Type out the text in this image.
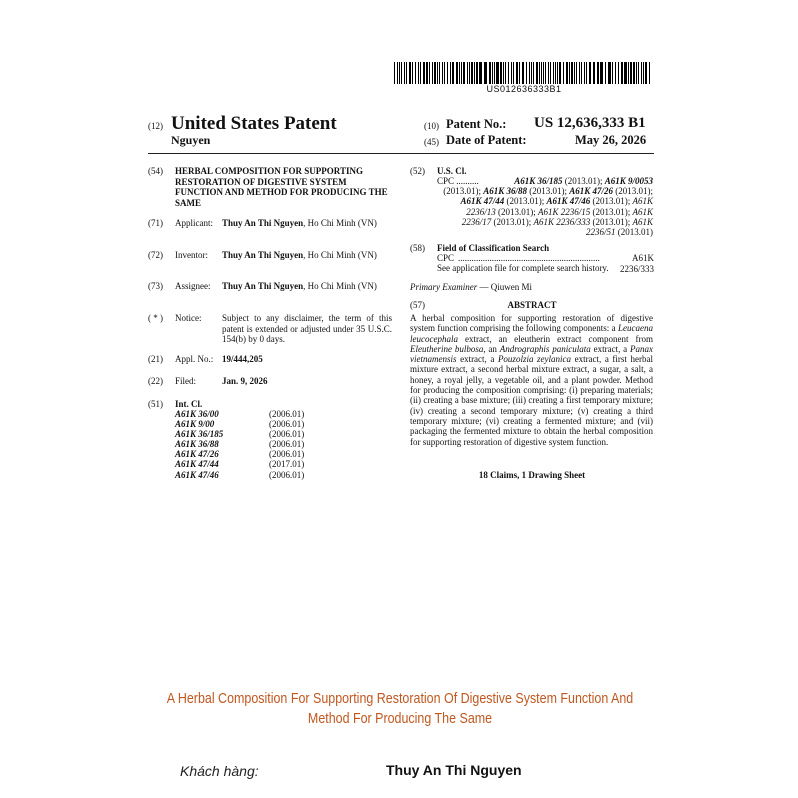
US012636333B1
(12) United States Patent
Nguyen
(10) Patent No.: US 12,636,333 B1
(45) Date of Patent:	May 26, 2026
(54) HERBAL COMPOSITION FOR SUPPORTING RESTORATION OF DIGESTIVE SYSTEM FUNCTION AND METHOD FOR PRODUCING THE SAME
(71) Applicant: Thuy An Thi Nguyen, Ho Chi Minh (VN)
(72) Inventor: Thuy An Thi Nguyen, Ho Chi Minh (VN)
(73) Assignee: Thuy An Thi Nguyen, Ho Chi Minh (VN)
( * ) Notice: Subject to any disclaimer, the term of this patent is extended or adjusted under 35 U.S.C. 154(b) by 0 days.
(21) Appl. No.: 19/444,205
(22) Filed:	Jan. 9, 2026
(51) Int. Cl.
A61K 36/00	(2006.01)
A61K 9/00	(2006.01)
A61K 36/185	(2006.01)
A61K 36/88	(2006.01)
A61K 47/26	(2006.01)
A61K 47/44	(2017.01)
A61K 47/46	(2006.01)
(52) U.S. Cl.
CPC ..........	A61K 36/185 (2013.01); A61K 9/0053 (2013.01); A61K 36/88 (2013.01); A61K 47/26 (2013.01); A61K 47/44 (2013.01); A61K 47/46 (2013.01); A61K 2236/13 (2013.01); A61K 2236/15 (2013.01); A61K 2236/17 (2013.01); A61K 2236/333 (2013.01); A61K 2236/51 (2013.01)
(58) Field of Classification Search
CPC ...............................................................	A61K 2236/333
See application file for complete search history.
Primary Examiner — Qiuwen Mi
(57)	ABSTRACT
A herbal composition for supporting restoration of digestive system function comprising the following components: a Leucaena leucocephala extract, an eleutherin extract component from Eleutherine bulbosa, an Andrographis paniculata extract, a Panax vietnamensis extract, a Pouzolzia zeylanica extract, a first herbal mixture extract, a second herbal mixture extract, a sugar, a salt, a honey, a royal jelly, a vegetable oil, and a plant powder. Method for producing the composition comprising: (i) preparing materials; (ii) creating a base mixture; (iii) creating a first temporary mixture; (iv) creating a second temporary mixture; (v) creating a third temporary mixture; (vi) creating a fermented mixture; and (vii) packaging the fermented mixture to obtain the herbal composition for supporting restoration of digestive system function.
18 Claims, 1 Drawing Sheet
A Herbal Composition For Supporting Restoration Of Digestive System Function And Method For Producing The Same
Khách hàng:	Thuy An Thi Nguyen
